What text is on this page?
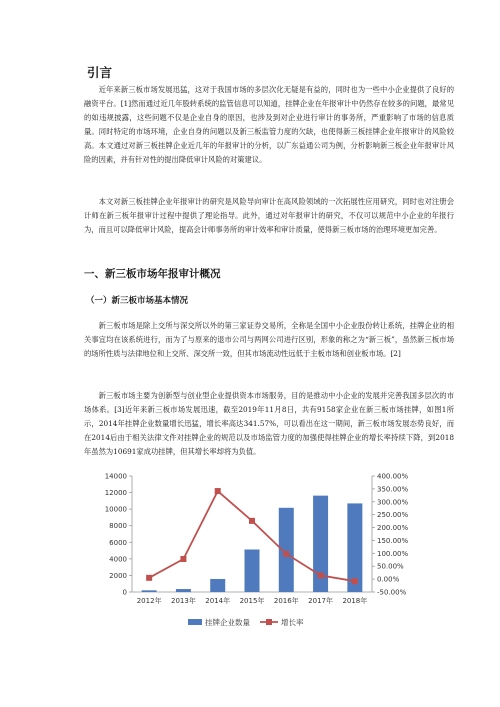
引言

近年来新三板市场发展迅猛，这对于我国市场的多层次化无疑是有益的，同时也为一些中小企业提供了良好的融资平台。[1]然而通过近几年股转系统的监管信息可以知道，挂牌企业在年报审计中仍然存在较多的问题，最常见的如违规披露，这些问题不仅是企业自身的原因，也涉及到对企业进行审计的事务所，严重影响了市场的信息质量。同时特定的市场环境，企业自身的问题以及新三板监管力度的欠缺，也使得新三板挂牌企业年报审计的风险较高。本文通过对新三板挂牌企业近几年的年报审计的分析，以广东益通公司为例，分析影响新三板企业年报审计风险的因素，并有针对性的提出降低审计风险的对策建议。

本文对新三板挂牌企业年报审计的研究是风险导向审计在高风险领域的一次拓展性应用研究，同时也对注册会计师在新三板年报审计过程中提供了理论指导。此外，通过对年报审计的研究，不仅可以规范中小企业的年报行为，而且可以降低审计风险，提高会计师事务所的审计效率和审计质量，使得新三板市场的治理环境更加完善。

一、新三板市场年报审计概况
（一）新三板市场基本情况

新三板市场是除上交所与深交所以外的第三家证券交易所，全称是全国中小企业股份转让系统，挂牌企业的相关事宜均在该系统进行，而为了与原来的退市公司与两网公司进行区别，形象的称之为“新三板”，虽然新三板市场的场所性质与法律地位和上交所、深交所一致，但其市场流动性远低于主板市场和创业板市场。[2]

新三板市场主要为创新型与创业型企业提供资本市场服务，目的是推动中小企业的发展并完善我国多层次的市场体系。[3]近年来新三板市场发展迅速，截至2019年11月8日，共有9158家企业在新三板市场挂牌，如图1所示，2014年挂牌企业数量增长迅猛，增长率高达341.57%，可以看出在这一期间，新三板市场发展态势良好，而在2014后由于相关法律文件对挂牌企业的规范以及市场监管力度的加强使得挂牌企业的增长率持续下降，到2018年虽然为10691家成功挂牌，但其增长率却将为负值。

0
2000
4000
6000
8000
10000
12000
14000
-50.00%
0.00%
50.00%
100.00%
150.00%
200.00%
250.00%
300.00%
350.00%
400.00%
2012年 2013年 2014年 2015年 2016年 2017年 2018年
挂牌企业数量	增长率
